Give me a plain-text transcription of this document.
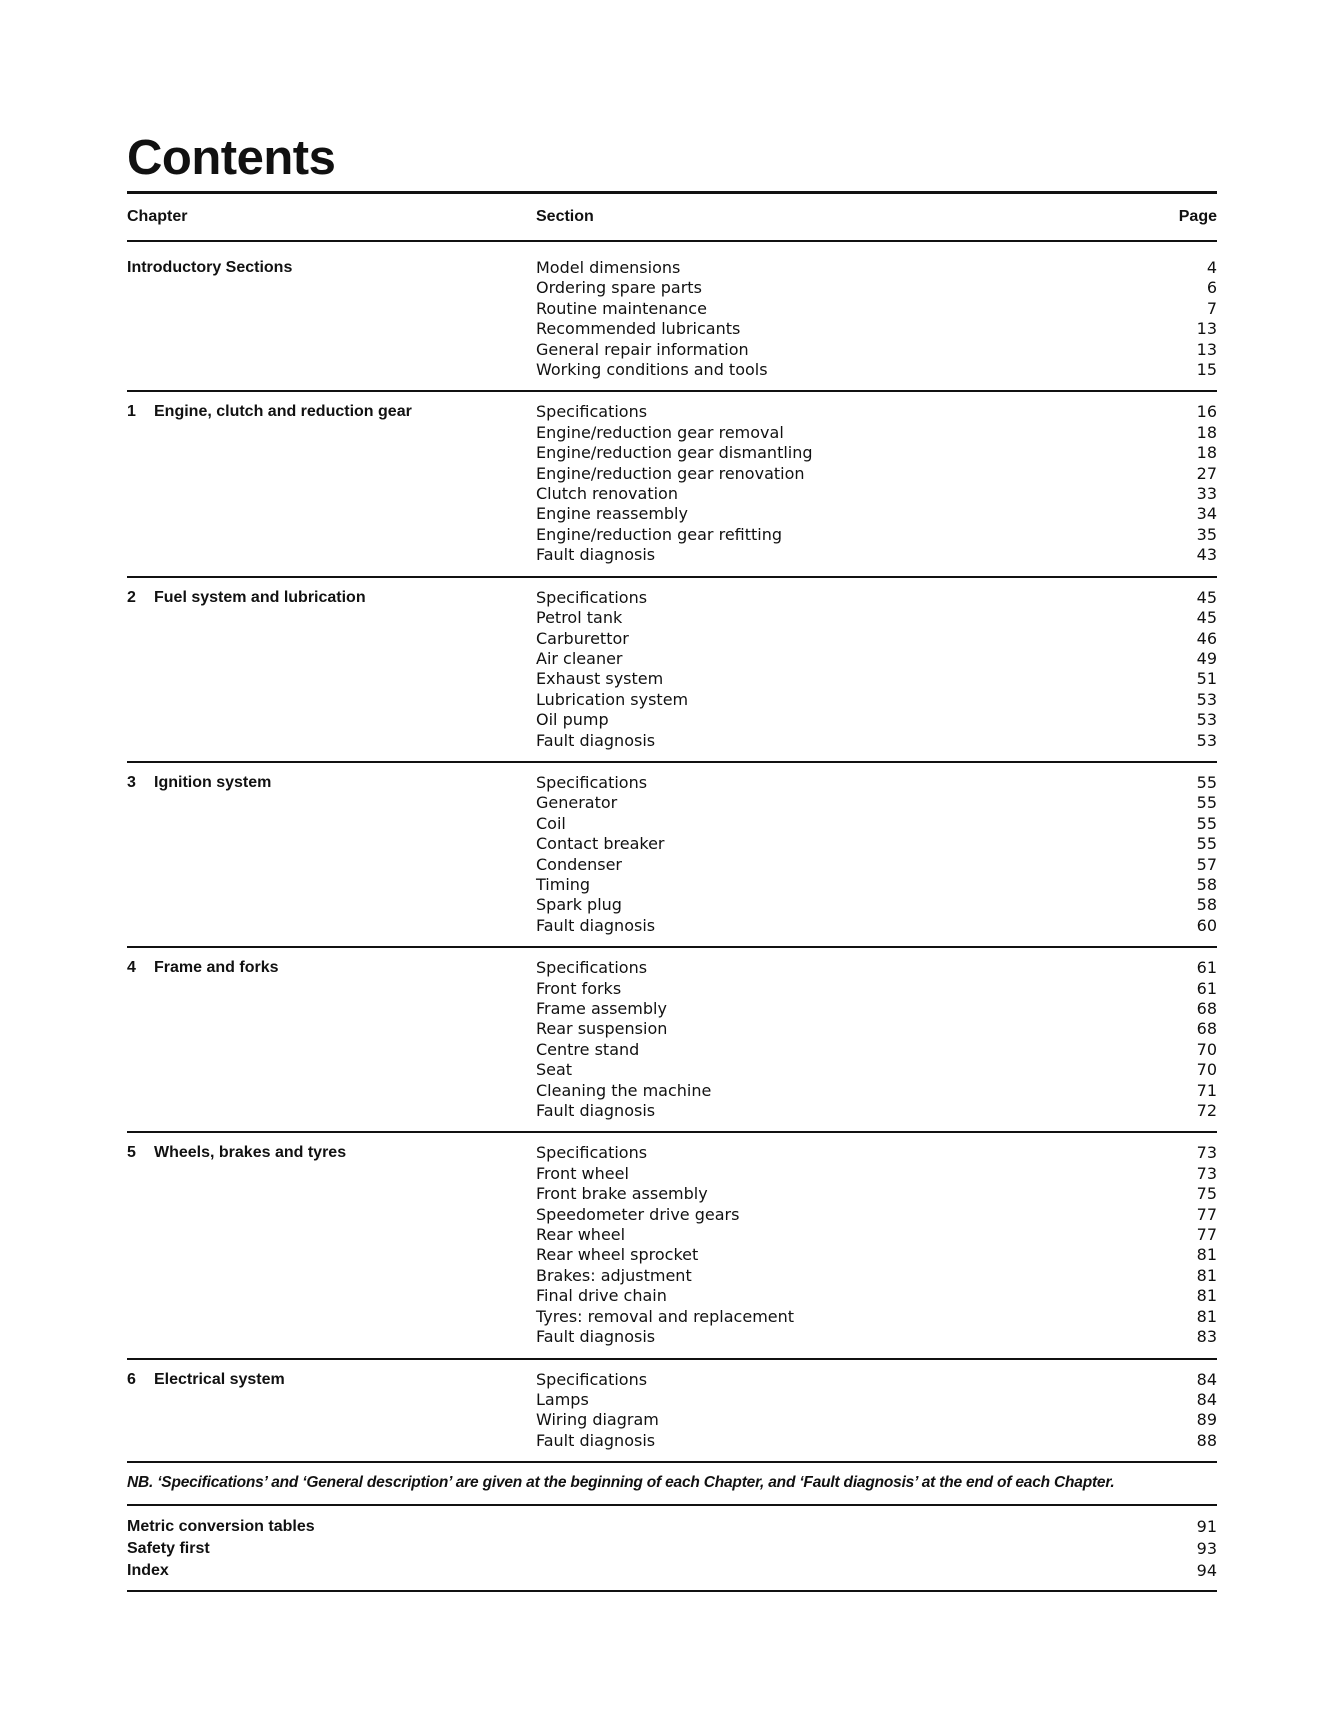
Contents
Chapter	Section	Page
Introductory Sections	Model dimensions	4
Ordering spare parts	6
Routine maintenance	7
Recommended lubricants	13
General repair information	13
Working conditions and tools	15
1 Engine, clutch and reduction gear	Specifications	16
Engine/reduction gear removal	18
Engine/reduction gear dismantling	18
Engine/reduction gear renovation	27
Clutch renovation	33
Engine reassembly	34
Engine/reduction gear refitting	35
Fault diagnosis	43
2 Fuel system and lubrication	Specifications	45
Petrol tank	45
Carburettor	46
Air cleaner	49
Exhaust system	51
Lubrication system	53
Oil pump	53
Fault diagnosis	53
3 Ignition system	Specifications	55
Generator	55
Coil	55
Contact breaker	55
Condenser	57
Timing	58
Spark plug	58
Fault diagnosis	60
4 Frame and forks	Specifications	61
Front forks	61
Frame assembly	68
Rear suspension	68
Centre stand	70
Seat	70
Cleaning the machine	71
Fault diagnosis	72
5 Wheels, brakes and tyres	Specifications	73
Front wheel	73
Front brake assembly	75
Speedometer drive gears	77
Rear wheel	77
Rear wheel sprocket	81
Brakes: adjustment	81
Final drive chain	81
Tyres: removal and replacement	81
Fault diagnosis	83
6 Electrical system	Specifications	84
Lamps	84
Wiring diagram	89
Fault diagnosis	88
NB. ‘Specifications’ and ‘General description’ are given at the beginning of each Chapter, and ‘Fault diagnosis’ at the end of each Chapter.
Metric conversion tables	91
Safety first	93
Index	94
